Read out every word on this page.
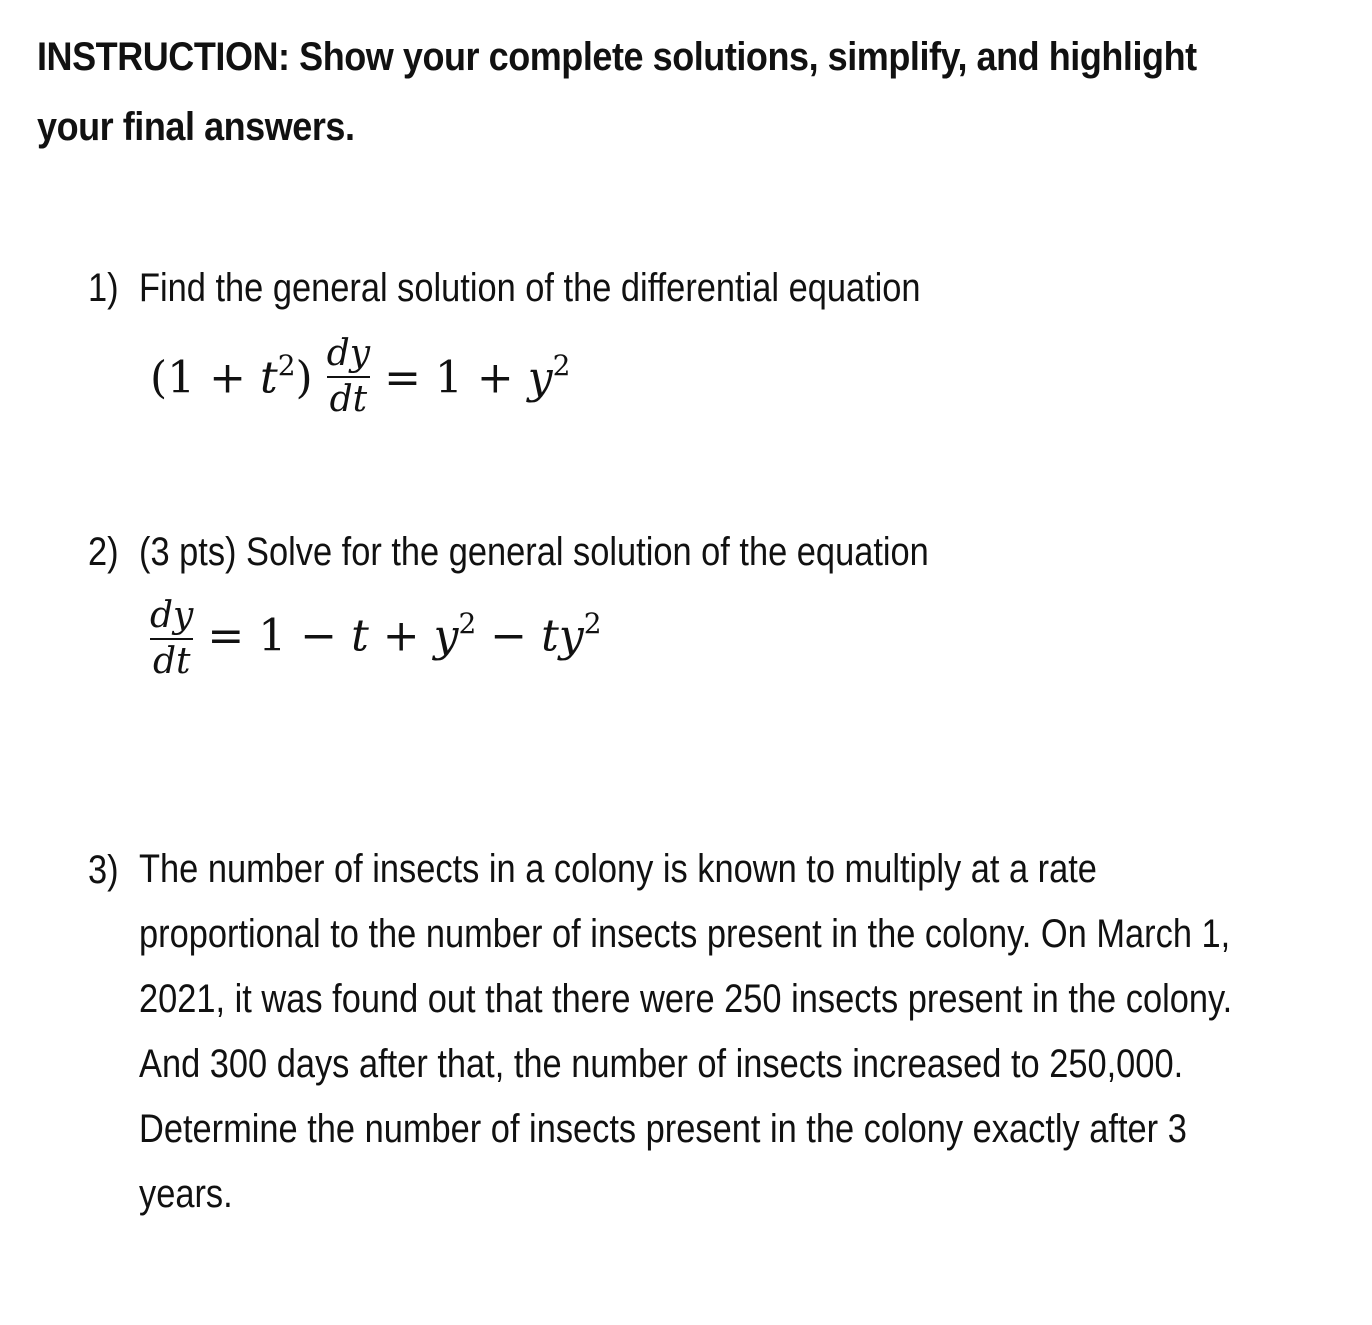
INSTRUCTION: Show your complete solutions, simplify, and highlight your final answers.

1) Find the general solution of the differential equation
$(1 + t^2) \frac{dy}{dt} = 1 + y^2$
2) (3 pts) Solve for the general solution of the equation
$\frac{dy}{dt} = 1 - t + y^2 - ty^2$
3) The number of insects in a colony is known to multiply at a rate
proportional to the number of insects present in the colony. On March 1,
2021, it was found out that there were 250 insects present in the colony.
And 300 days after that, the number of insects increased to 250,000.
Determine the number of insects present in the colony exactly after 3
years.
